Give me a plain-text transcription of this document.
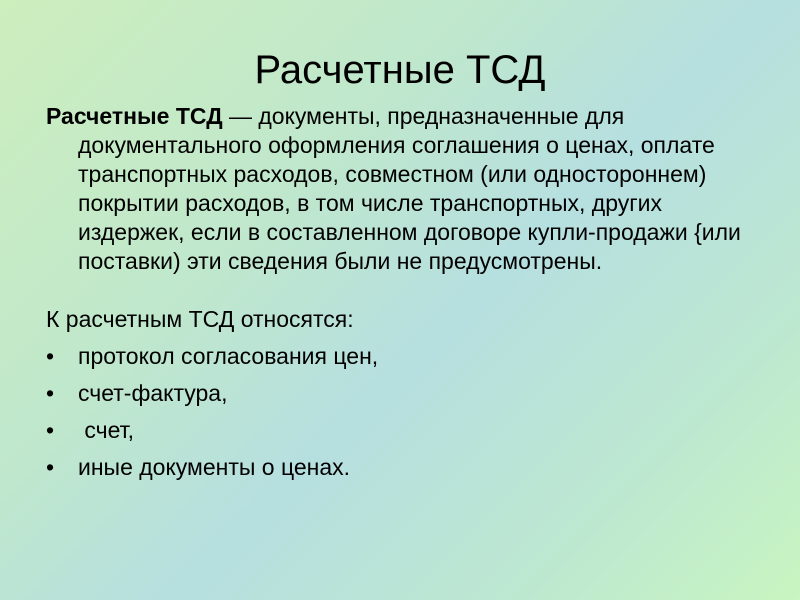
Расчетные ТСД

Расчетные ТСД — документы, предназначенные для документального оформления соглашения о ценах, оплате транспортных расходов, совместном (или одностороннем) покрытии расходов, в том числе транспортных, других издержек, если в составленном договоре купли-продажи {или поставки) эти сведения были не предусмотрены.

К расчетным ТСД относятся:

•	протокол согласования цен,
•	счет-фактура,
•	счет,
•	иные документы о ценах.
